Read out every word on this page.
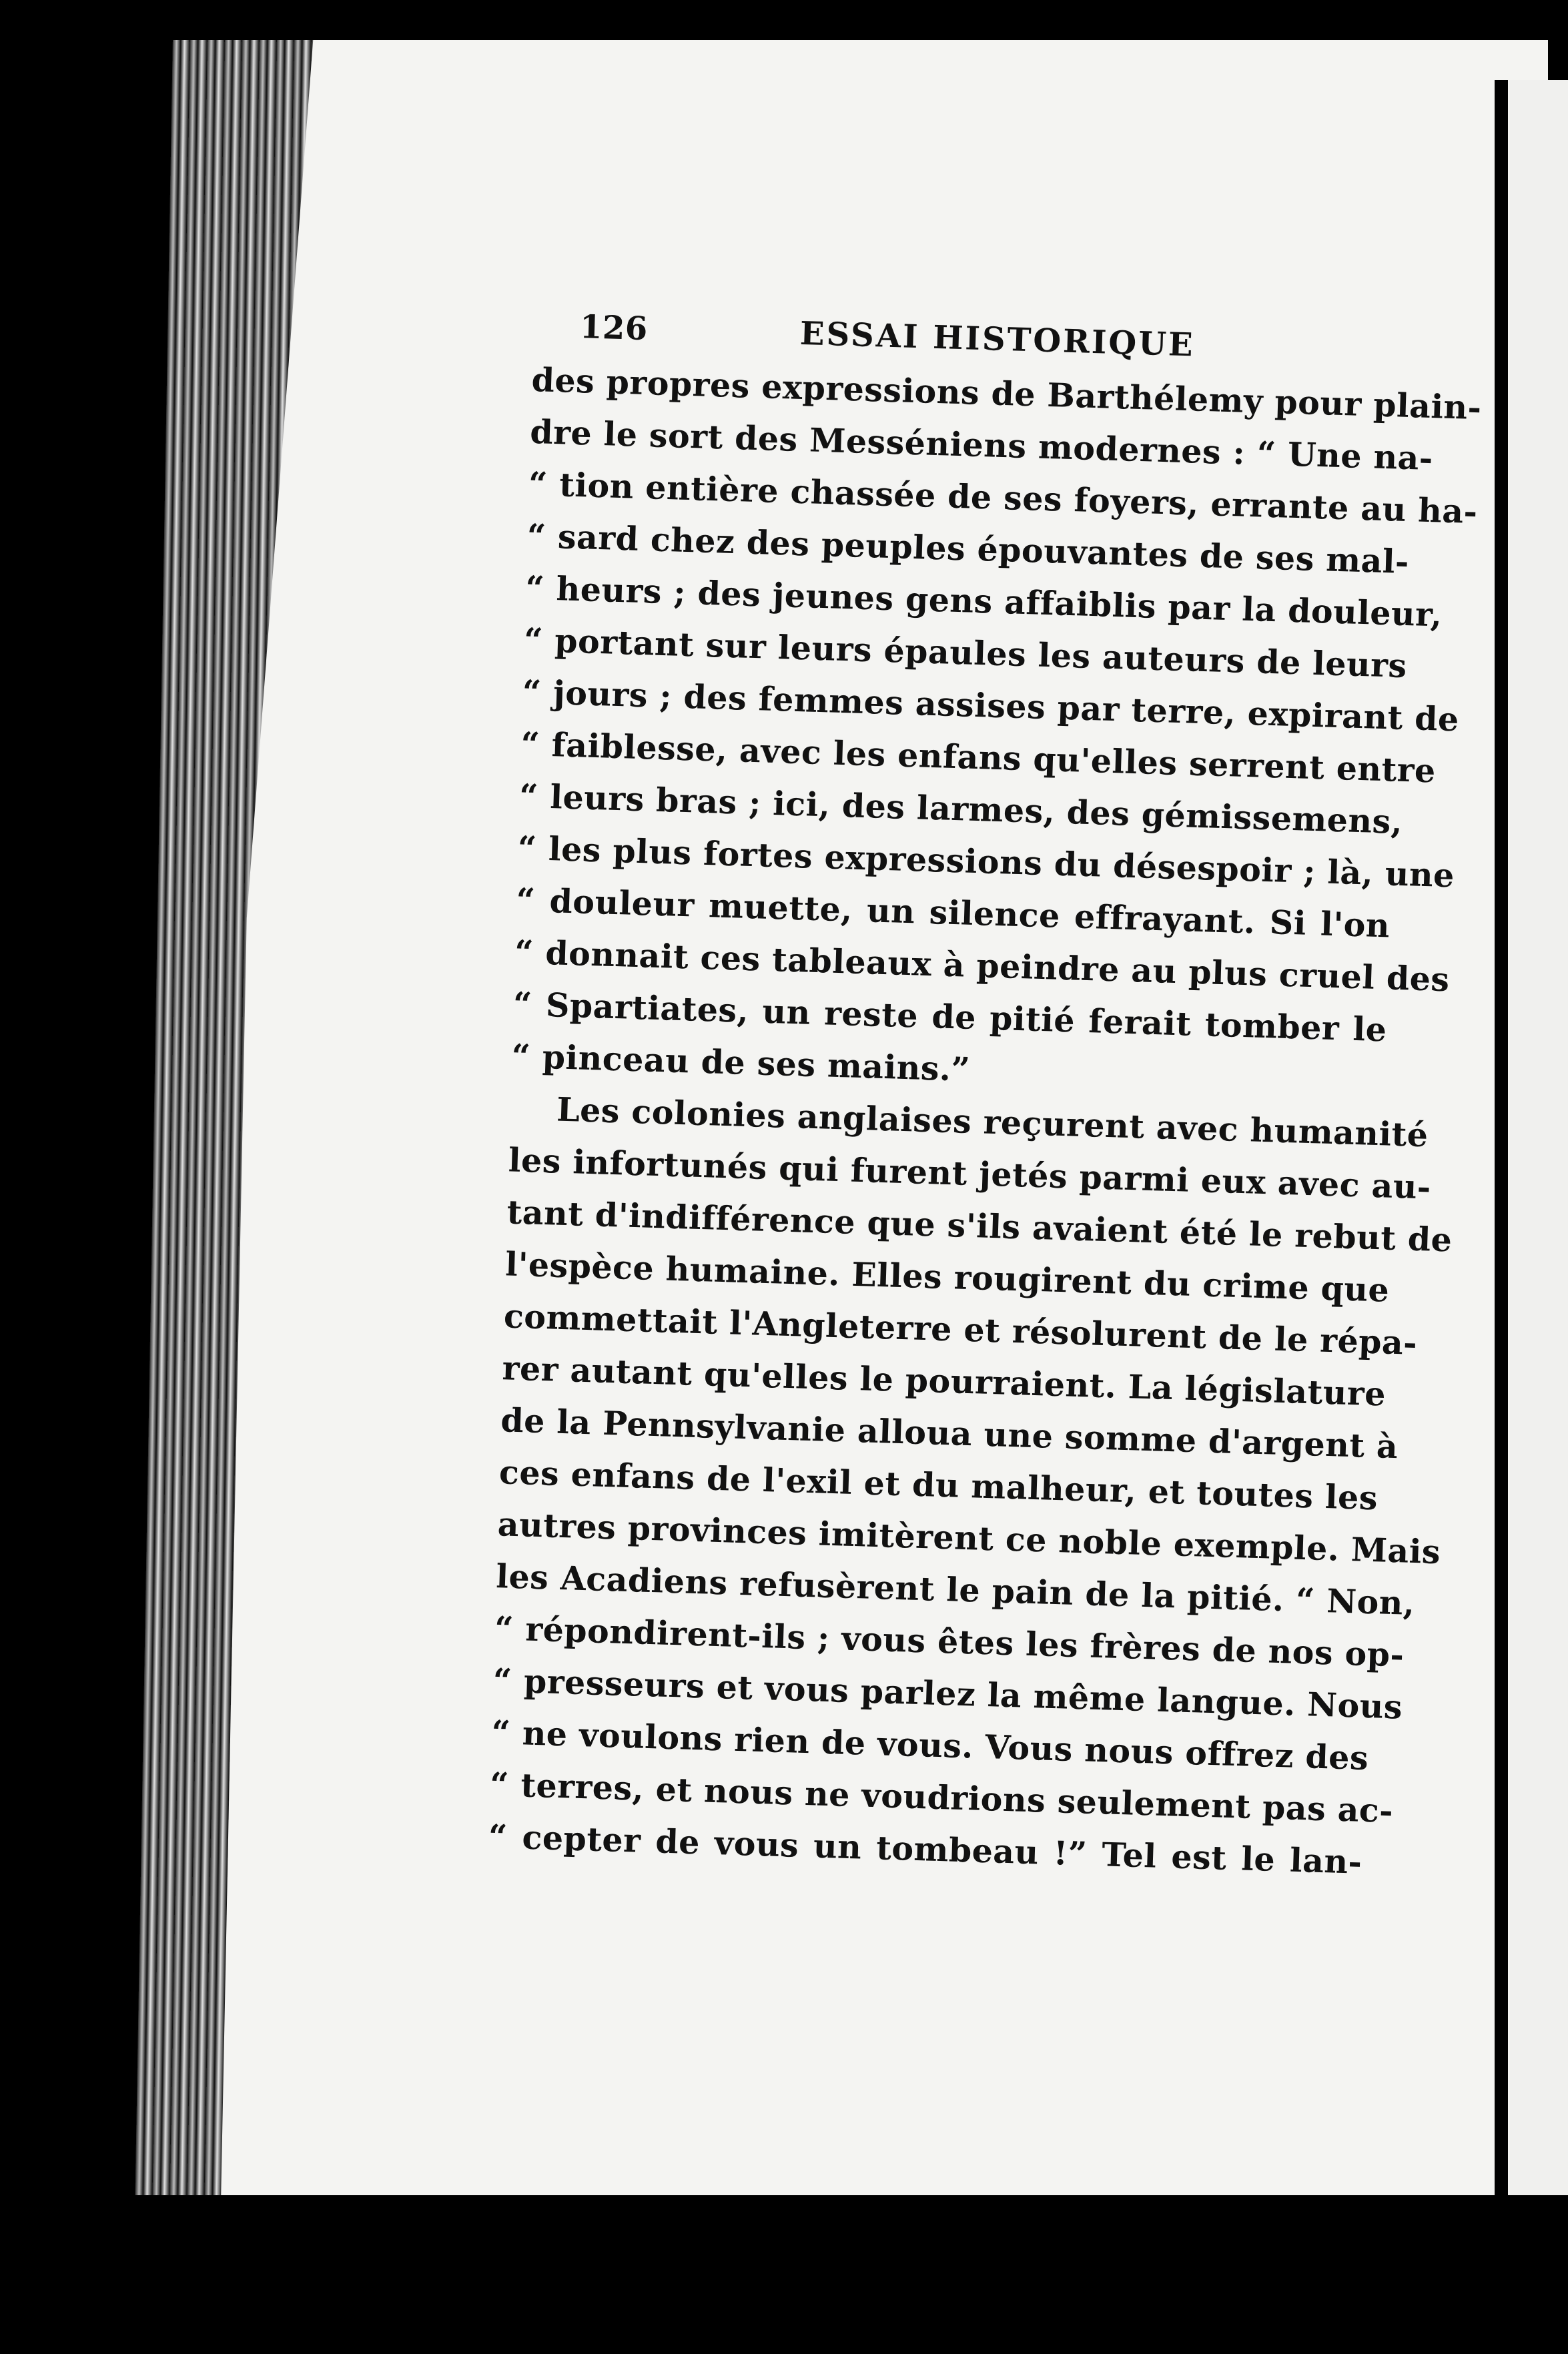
126	ESSAI HISTORIQUE
des propres expressions de Barthélemy pour plain-
dre le sort des Messéniens modernes : “ Une na-
“ tion entière chassée de ses foyers, errante au ha-
“ sard chez des peuples épouvantes de ses mal-
“ heurs ; des jeunes gens affaiblis par la douleur,
“ portant sur leurs épaules les auteurs de leurs
“ jours ; des femmes assises par terre, expirant de
“ faiblesse, avec les enfans qu'elles serrent entre
“ leurs bras ; ici, des larmes, des gémissemens,
“ les plus fortes expressions du désespoir ; là, une
“ douleur muette, un silence effrayant. Si l'on
“ donnait ces tableaux à peindre au plus cruel des
“ Spartiates, un reste de pitié ferait tomber le
“ pinceau de ses mains.”
Les colonies anglaises reçurent avec humanité
les infortunés qui furent jetés parmi eux avec au-
tant d'indifférence que s'ils avaient été le rebut de
l'espèce humaine. Elles rougirent du crime que
commettait l'Angleterre et résolurent de le répa-
rer autant qu'elles le pourraient. La législature
de la Pennsylvanie alloua une somme d'argent à
ces enfans de l'exil et du malheur, et toutes les
autres provinces imitèrent ce noble exemple. Mais
les Acadiens refusèrent le pain de la pitié. “ Non,
“ répondirent-ils ; vous êtes les frères de nos op-
“ presseurs et vous parlez la même langue. Nous
“ ne voulons rien de vous. Vous nous offrez des
“ terres, et nous ne voudrions seulement pas ac-
“ cepter de vous un tombeau !” Tel est le lan-
